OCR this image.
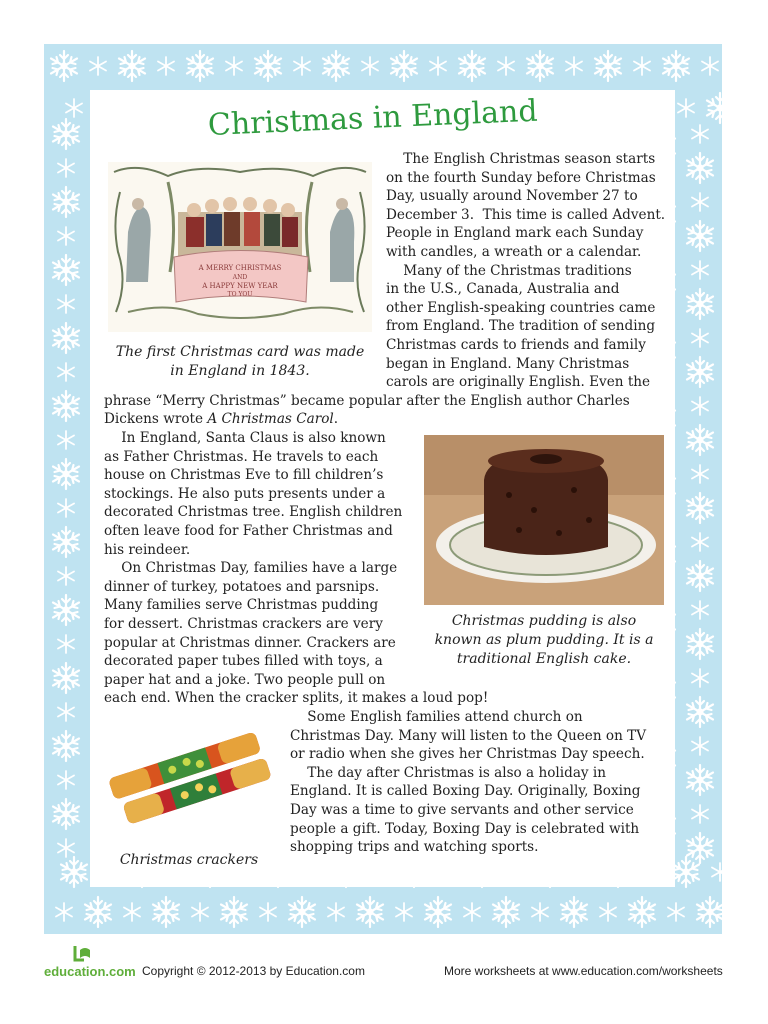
Christmas in England
A MERRY CHRISTMAS
AND
A HAPPY NEW YEAR
TO YOU
The first Christmas card was made
in England in 1843.
The English Christmas season starts
on the fourth Sunday before Christmas
Day, usually around November 27 to
December 3.  This time is called Advent.
People in England mark each Sunday
with candles, a wreath or a calendar.
Many of the Christmas traditions
in the U.S., Canada, Australia and
other English-speaking countries came
from England. The tradition of sending
Christmas cards to friends and family
began in England. Many Christmas
carols are originally English. Even the
phrase “Merry Christmas” became popular after the English author Charles
Dickens wrote A Christmas Carol.
In England, Santa Claus is also known
as Father Christmas. He travels to each
house on Christmas Eve to fill children’s
stockings. He also puts presents under a
decorated Christmas tree. English children
often leave food for Father Christmas and
his reindeer.
Christmas pudding is also
known as plum pudding. It is a
traditional English cake.
On Christmas Day, families have a large
dinner of turkey, potatoes and parsnips.
Many families serve Christmas pudding
for dessert. Christmas crackers are very
popular at Christmas dinner. Crackers are
decorated paper tubes filled with toys, a
paper hat and a joke. Two people pull on
each end. When the cracker splits, it makes a loud pop!
Christmas crackers
Some English families attend church on
Christmas Day. Many will listen to the Queen on TV
or radio when she gives her Christmas Day speech.
The day after Christmas is also a holiday in
England. It is called Boxing Day. Originally, Boxing
Day was a time to give servants and other service
people a gift. Today, Boxing Day is celebrated with
shopping trips and watching sports.
education.com Copyright © 2012-2013 by Education.com	More worksheets at www.education.com/worksheets
